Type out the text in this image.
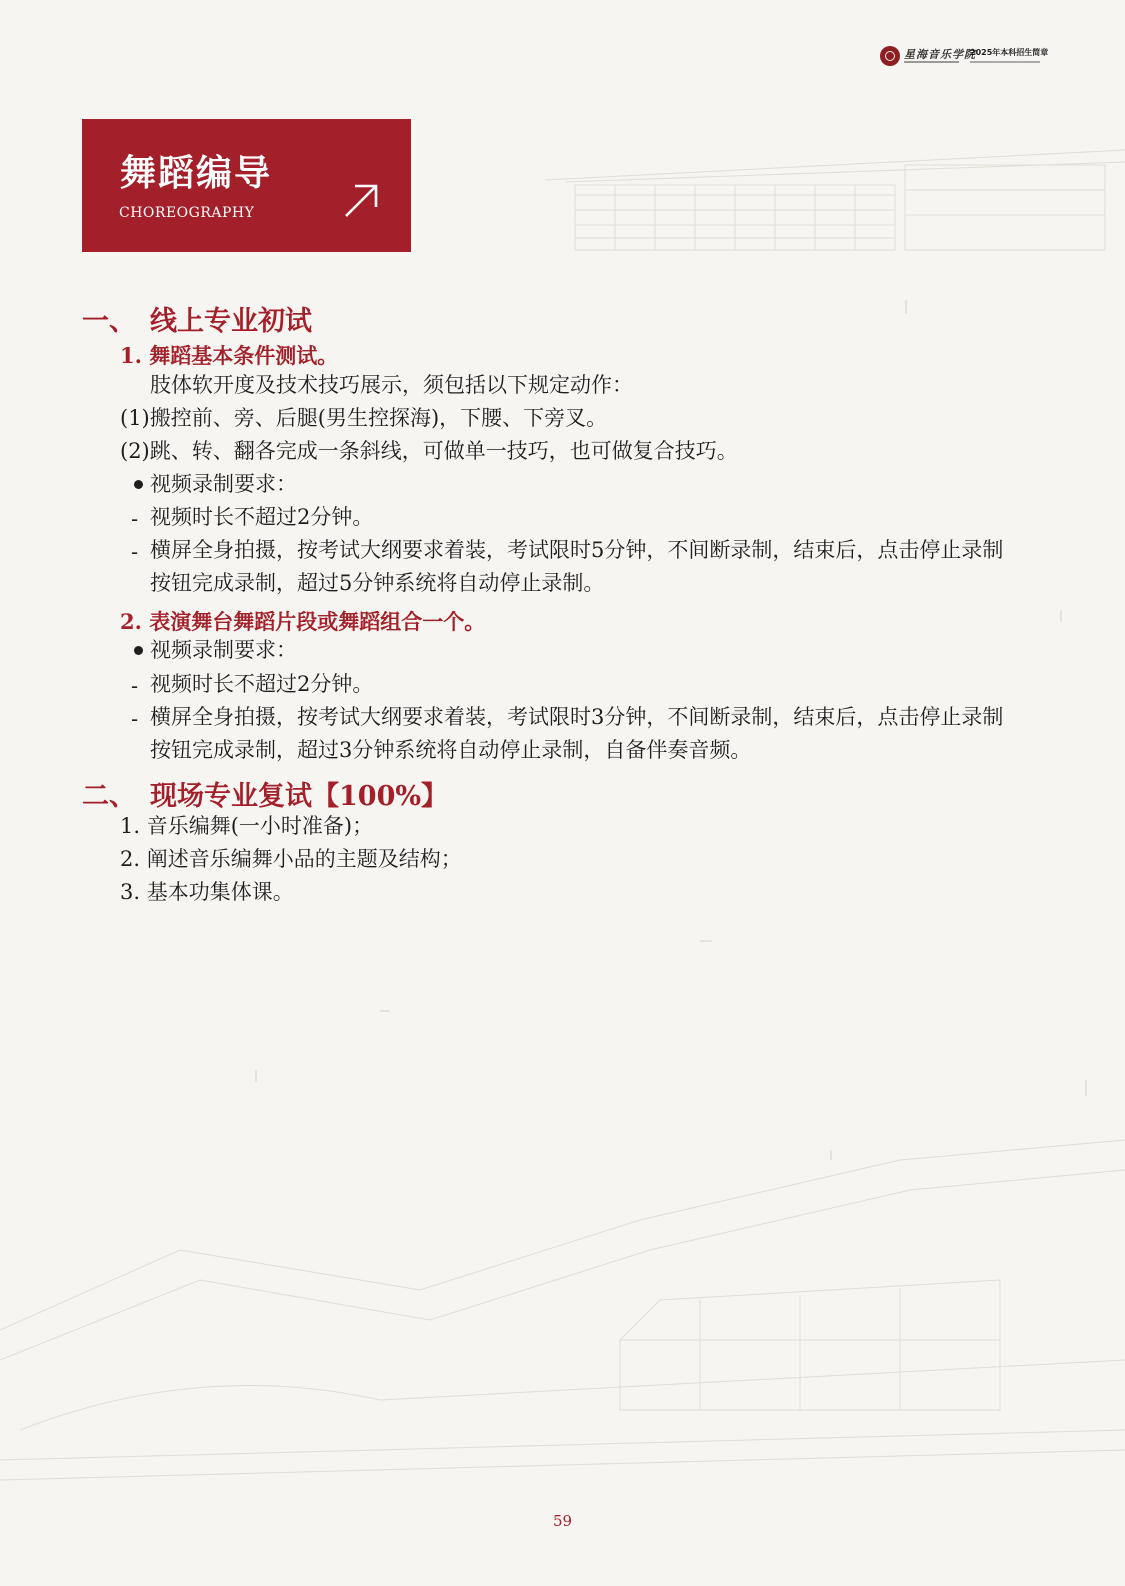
星海音乐学院
2025年本科招生简章
舞蹈编导
CHOREOGRAPHY
一、 线上专业初试
1. 舞蹈基本条件测试。
肢体软开度及技术技巧展示，须包括以下规定动作：
(1)搬控前、旁、后腿(男生控探海)，下腰、下旁叉。
(2)跳、转、翻各完成一条斜线，可做单一技巧，也可做复合技巧。
视频录制要求：
- 视频时长不超过2分钟。
- 横屏全身拍摄，按考试大纲要求着装，考试限时5分钟，不间断录制，结束后，点击停止录制
按钮完成录制，超过5分钟系统将自动停止录制。
2. 表演舞台舞蹈片段或舞蹈组合一个。
视频录制要求：
- 视频时长不超过2分钟。
- 横屏全身拍摄，按考试大纲要求着装，考试限时3分钟，不间断录制，结束后，点击停止录制
按钮完成录制，超过3分钟系统将自动停止录制，自备伴奏音频。
二、 现场专业复试【100%】
1. 音乐编舞(一小时准备)；
2. 阐述音乐编舞小品的主题及结构；
3. 基本功集体课。
59
